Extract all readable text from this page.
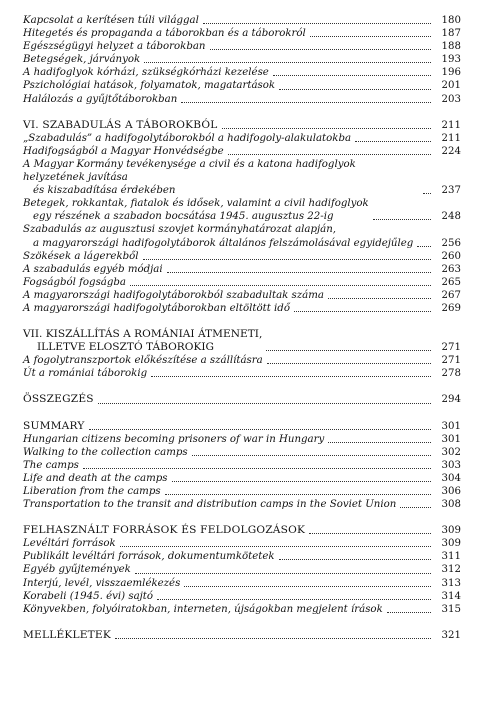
Kapcsolat a kerítésen túli világgal	180
Hitegetés és propaganda a táborokban és a táborokról	187
Egészségügyi helyzet a táborokban	188
Betegségek, járványok	193
A hadifoglyok kórházi, szükségkórházi kezelése	196
Pszichológiai hatások, folyamatok, magatartások	201
Halálozás a gyűjtőtáborokban	203
VI. SZABADULÁS A TÁBOROKBÓL	211
„Szabadulás” a hadifogolytáborokból a hadifogoly-alakulatokba	211
Hadifogságból a Magyar Honvédségbe	224
A Magyar Kormány tevékenysége a civil és a katona hadifoglyok helyzetének javítása
és kiszabadítása érdekében	237
Betegek, rokkantak, fiatalok és idősek, valamint a civil hadifoglyok
egy részének a szabadon bocsátása 1945. augusztus 22-ig	248
Szabadulás az augusztusi szovjet kormányhatározat alapján,
a magyarországi hadifogolytáborok általános felszámolásával egyidejűleg	256
Szökések a lágerekből	260
A szabadulás egyéb módjai	263
Fogságból fogságba	265
A magyarországi hadifogolytáborokból szabadultak száma	267
A magyarországi hadifogolytáborokban eltöltött idő	269
VII. KISZÁLLÍTÁS A ROMÁNIAI ÁTMENETI,
ILLETVE ELOSZTÓ TÁBOROKIG	271
A fogolytranszportok előkészítése a szállításra	271
Út a romániai táborokig	278
ÖSSZEGZÉS	294
SUMMARY	301
Hungarian citizens becoming prisoners of war in Hungary	301
Walking to the collection camps	302
The camps	303
Life and death at the camps	304
Liberation from the camps	306
Transportation to the transit and distribution camps in the Soviet Union	308
FELHASZNÁLT FORRÁSOK ÉS FELDOLGOZÁSOK	309
Levéltári források	309
Publikált levéltári források, dokumentumkötetek	311
Egyéb gyűjtemények	312
Interjú, levél, visszaemlékezés	313
Korabeli (1945. évi) sajtó	314
Könyvekben, folyóiratokban, interneten, újságokban megjelent írások	315
MELLÉKLETEK	321
